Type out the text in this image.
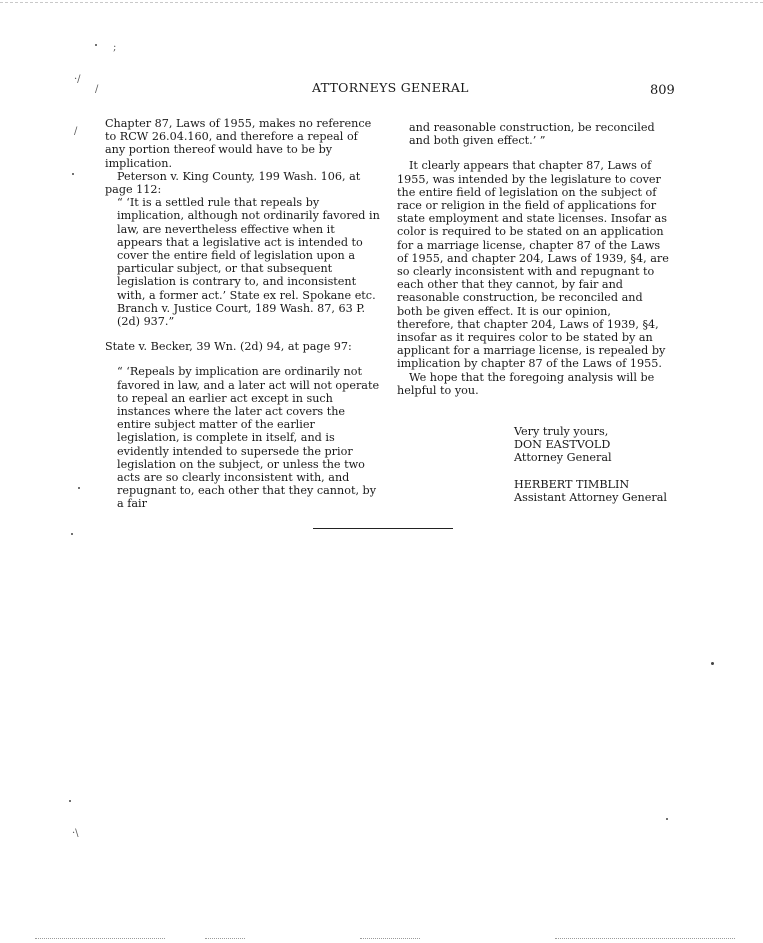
ATTORNEYS GENERAL	809

Chapter 87, Laws of 1955, makes no reference to RCW 26.04.160, and therefore a repeal of any portion thereof would have to be by implication.

Peterson v. King County, 199 Wash. 106, at page 112:

“ ‘It is a settled rule that repeals by implication, although not ordinarily favored in law, are nevertheless effective when it appears that a legislative act is intended to cover the entire field of legislation upon a particular subject, or that subsequent legislation is contrary to, and inconsistent with, a former act.’ State ex rel. Spokane etc. Branch v. Justice Court, 189 Wash. 87, 63 P. (2d) 937.”

State v. Becker, 39 Wn. (2d) 94, at page 97:

“ ‘Repeals by implication are ordinarily not favored in law, and a later act will not operate to repeal an earlier act except in such instances where the later act covers the entire subject matter of the earlier legislation, is complete in itself, and is evidently intended to supersede the prior legislation on the subject, or unless the two acts are so clearly inconsistent with, and repugnant to, each other that they cannot, by a fair

and reasonable construction, be reconciled and both given effect.’ ”

It clearly appears that chapter 87, Laws of 1955, was intended by the legislature to cover the entire field of legislation on the subject of race or religion in the field of applications for state employment and state licenses. Insofar as color is required to be stated on an application for a marriage license, chapter 87 of the Laws of 1955, and chapter 204, Laws of 1939, §4, are so clearly inconsistent with and repugnant to each other that they cannot, by fair and reasonable construction, be reconciled and both be given effect. It is our opinion, therefore, that chapter 204, Laws of 1939, §4, insofar as it requires color to be stated by an applicant for a marriage license, is repealed by implication by chapter 87 of the Laws of 1955.

We hope that the foregoing analysis will be helpful to you.

Very truly yours,
DON EASTVOLD
Attorney General
HERBERT TIMBLIN
Assistant Attorney General
;
·/
/
/
·\
